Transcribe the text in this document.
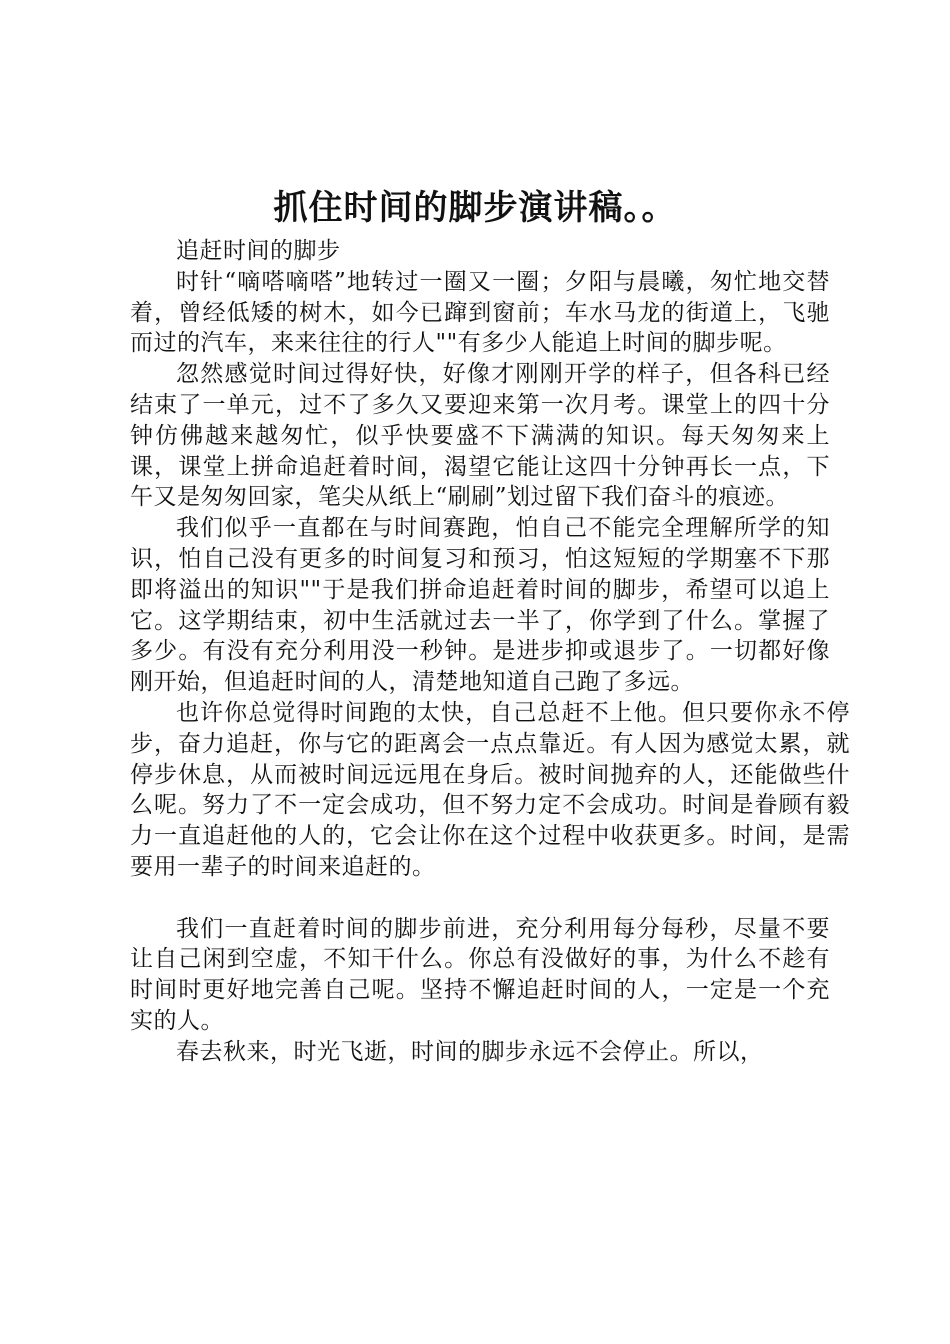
抓住时间的脚步演讲稿。。

追赶时间的脚步

时针“嘀嗒嘀嗒”地转过一圈又一圈；夕阳与晨曦，匆忙地交替着，曾经低矮的树木，如今已蹿到窗前；车水马龙的街道上，飞驰而过的汽车，来来往往的行人""有多少人能追上时间的脚步呢。

忽然感觉时间过得好快，好像才刚刚开学的样子，但各科已经结束了一单元，过不了多久又要迎来第一次月考。课堂上的四十分钟仿佛越来越匆忙，似乎快要盛不下满满的知识。每天匆匆来上课，课堂上拼命追赶着时间，渴望它能让这四十分钟再长一点，下午又是匆匆回家，笔尖从纸上“刷刷”划过留下我们奋斗的痕迹。

我们似乎一直都在与时间赛跑，怕自己不能完全理解所学的知识，怕自己没有更多的时间复习和预习，怕这短短的学期塞不下那即将溢出的知识""于是我们拼命追赶着时间的脚步，希望可以追上它。这学期结束，初中生活就过去一半了，你学到了什么。掌握了多少。有没有充分利用没一秒钟。是进步抑或退步了。一切都好像刚开始，但追赶时间的人，清楚地知道自己跑了多远。

也许你总觉得时间跑的太快，自己总赶不上他。但只要你永不停步，奋力追赶，你与它的距离会一点点靠近。有人因为感觉太累，就停步休息，从而被时间远远甩在身后。被时间抛弃的人，还能做些什么呢。努力了不一定会成功，但不努力定不会成功。时间是眷顾有毅力一直追赶他的人的，它会让你在这个过程中收获更多。时间，是需要用一辈子的时间来追赶的。

我们一直赶着时间的脚步前进，充分利用每分每秒，尽量不要让自己闲到空虚，不知干什么。你总有没做好的事，为什么不趁有时间时更好地完善自己呢。坚持不懈追赶时间的人，一定是一个充实的人。

春去秋来，时光飞逝，时间的脚步永远不会停止。所以，
